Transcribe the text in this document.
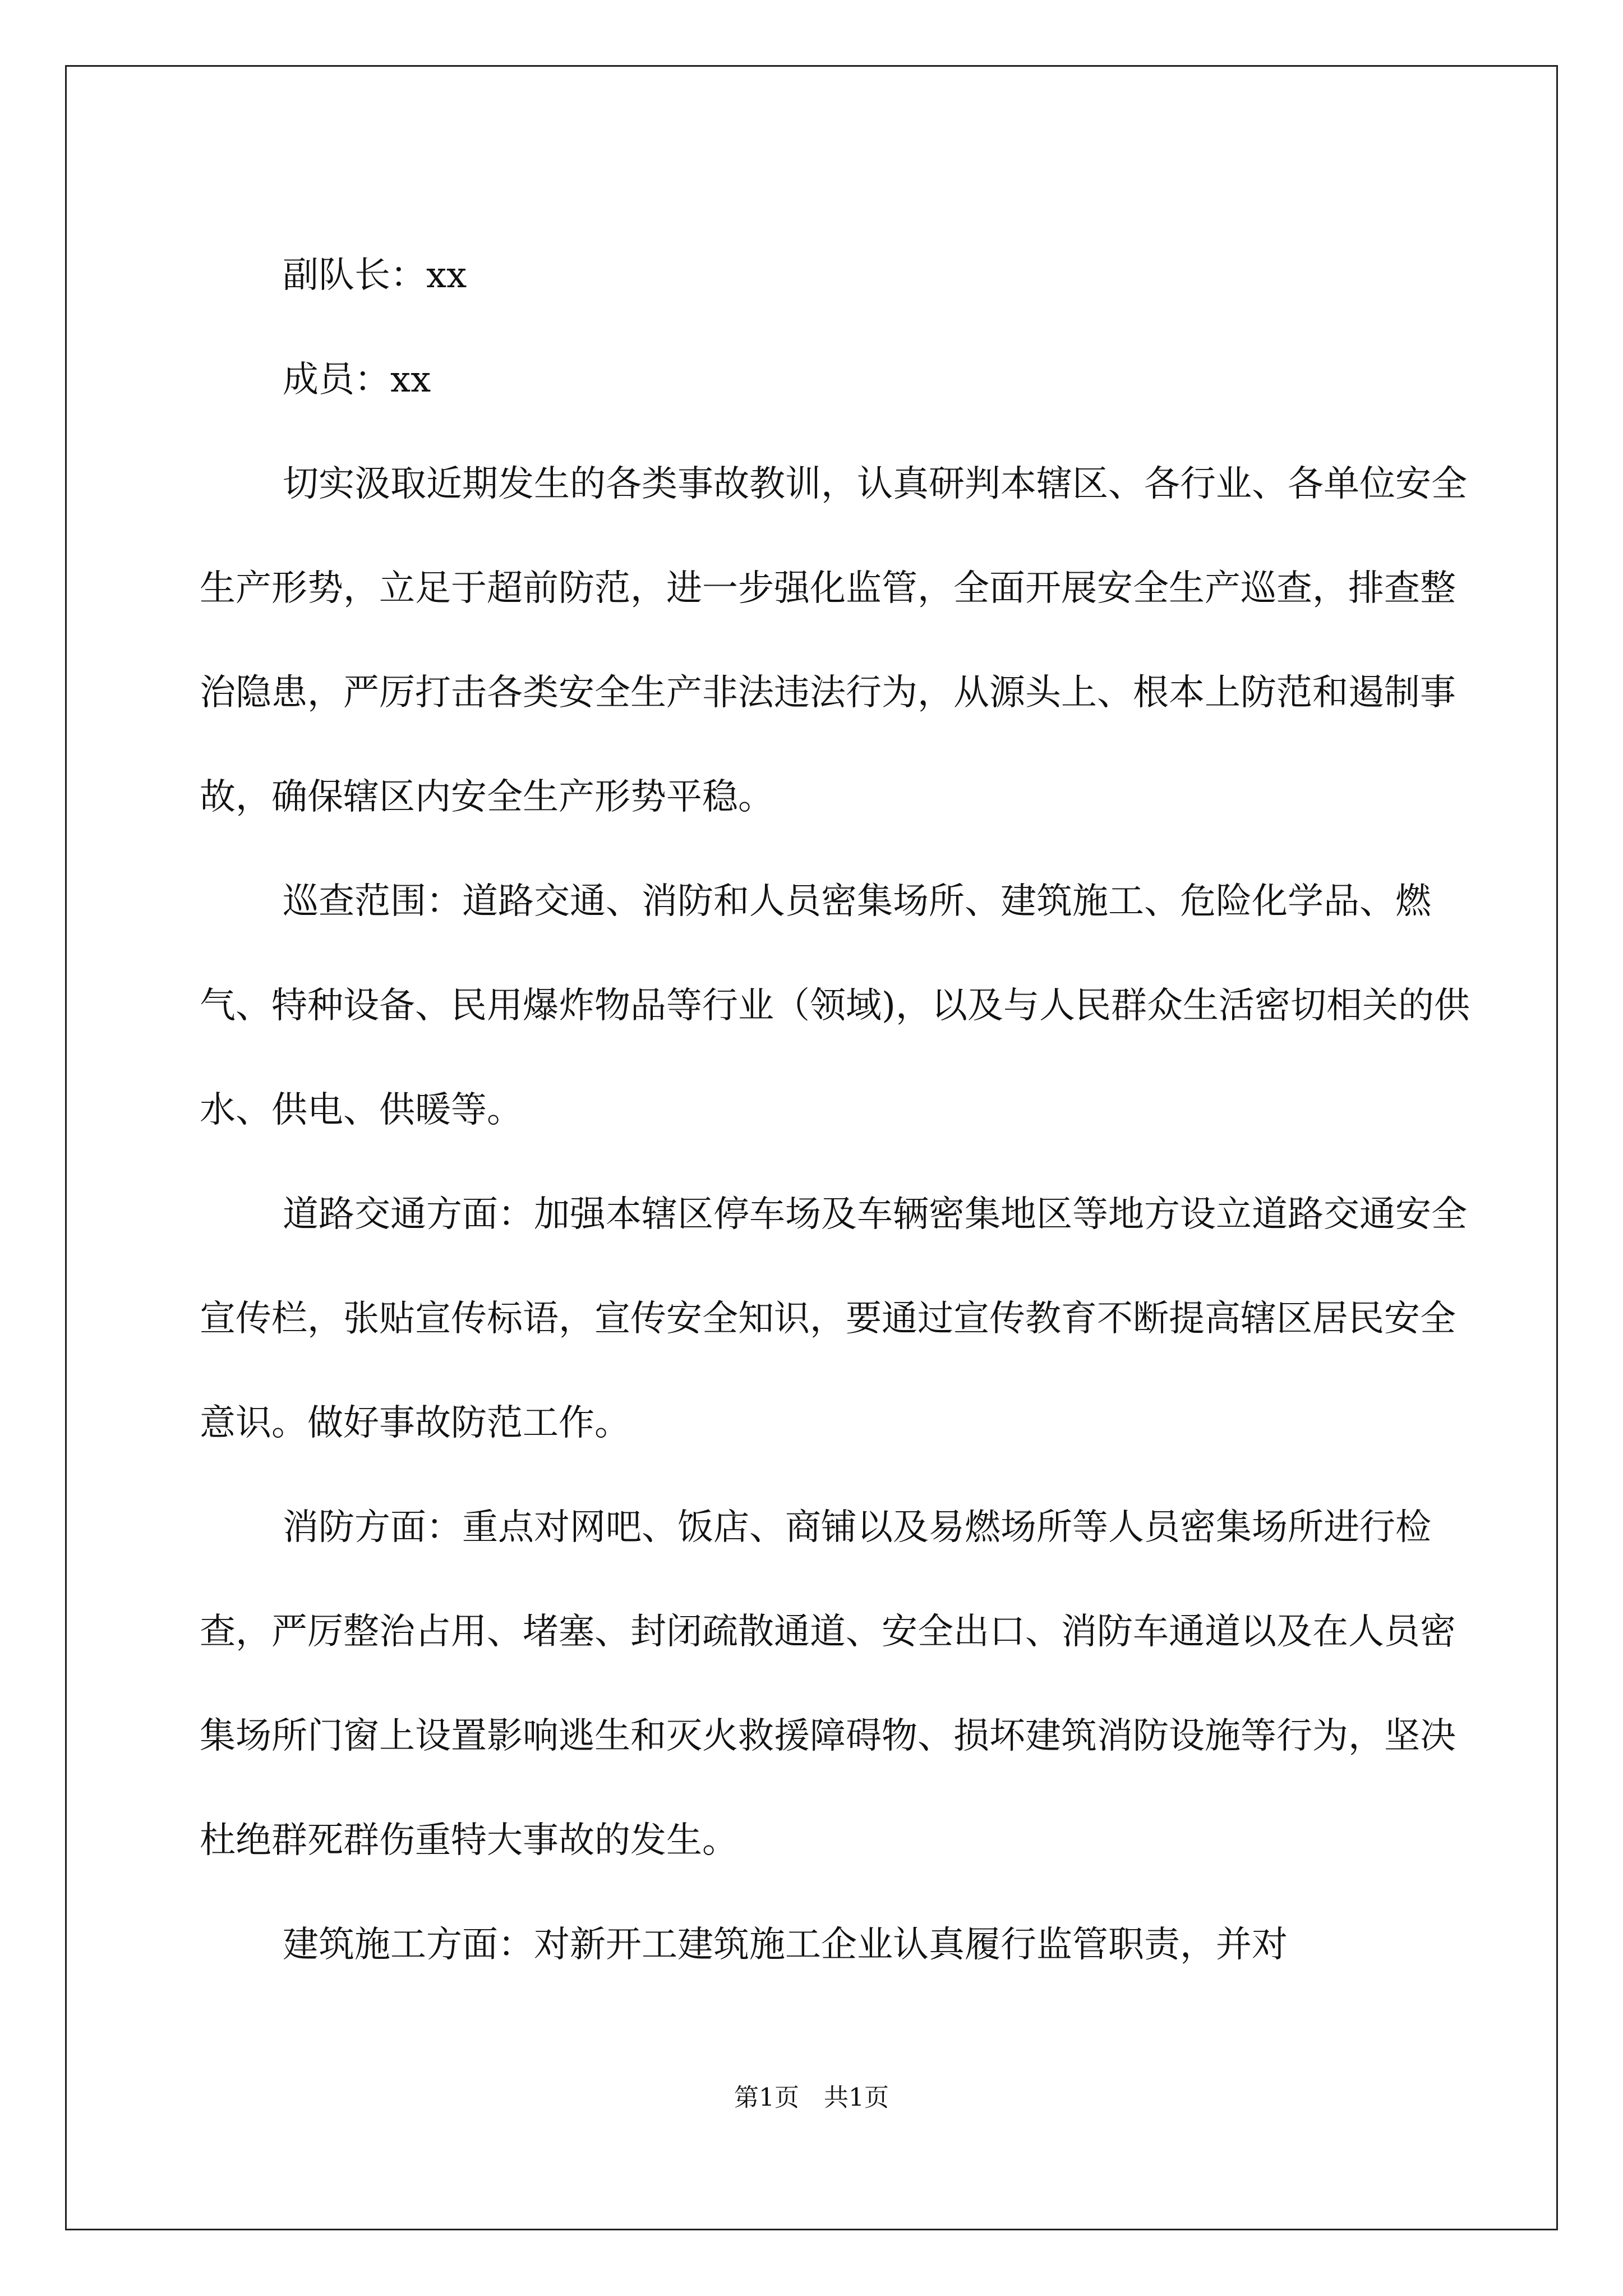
副队长：xx

成员：xx

切实汲取近期发生的各类事故教训，认真研判本辖区、各行业、各单位安全生产形势，立足于超前防范，进一步强化监管，全面开展安全生产巡查，排查整治隐患，严厉打击各类安全生产非法违法行为，从源头上、根本上防范和遏制事故，确保辖区内安全生产形势平稳。

巡查范围：道路交通、消防和人员密集场所、建筑施工、危险化学品、燃气、特种设备、民用爆炸物品等行业（领域)，以及与人民群众生活密切相关的供水、供电、供暖等。

道路交通方面：加强本辖区停车场及车辆密集地区等地方设立道路交通安全宣传栏，张贴宣传标语，宣传安全知识，要通过宣传教育不断提高辖区居民安全意识。做好事故防范工作。

消防方面：重点对网吧、饭店、商铺以及易燃场所等人员密集场所进行检查，严厉整治占用、堵塞、封闭疏散通道、安全出口、消防车通道以及在人员密集场所门窗上设置影响逃生和灭火救援障碍物、损坏建筑消防设施等行为，坚决杜绝群死群伤重特大事故的发生。

建筑施工方面：对新开工建筑施工企业认真履行监管职责，并对

第1页　共1页
